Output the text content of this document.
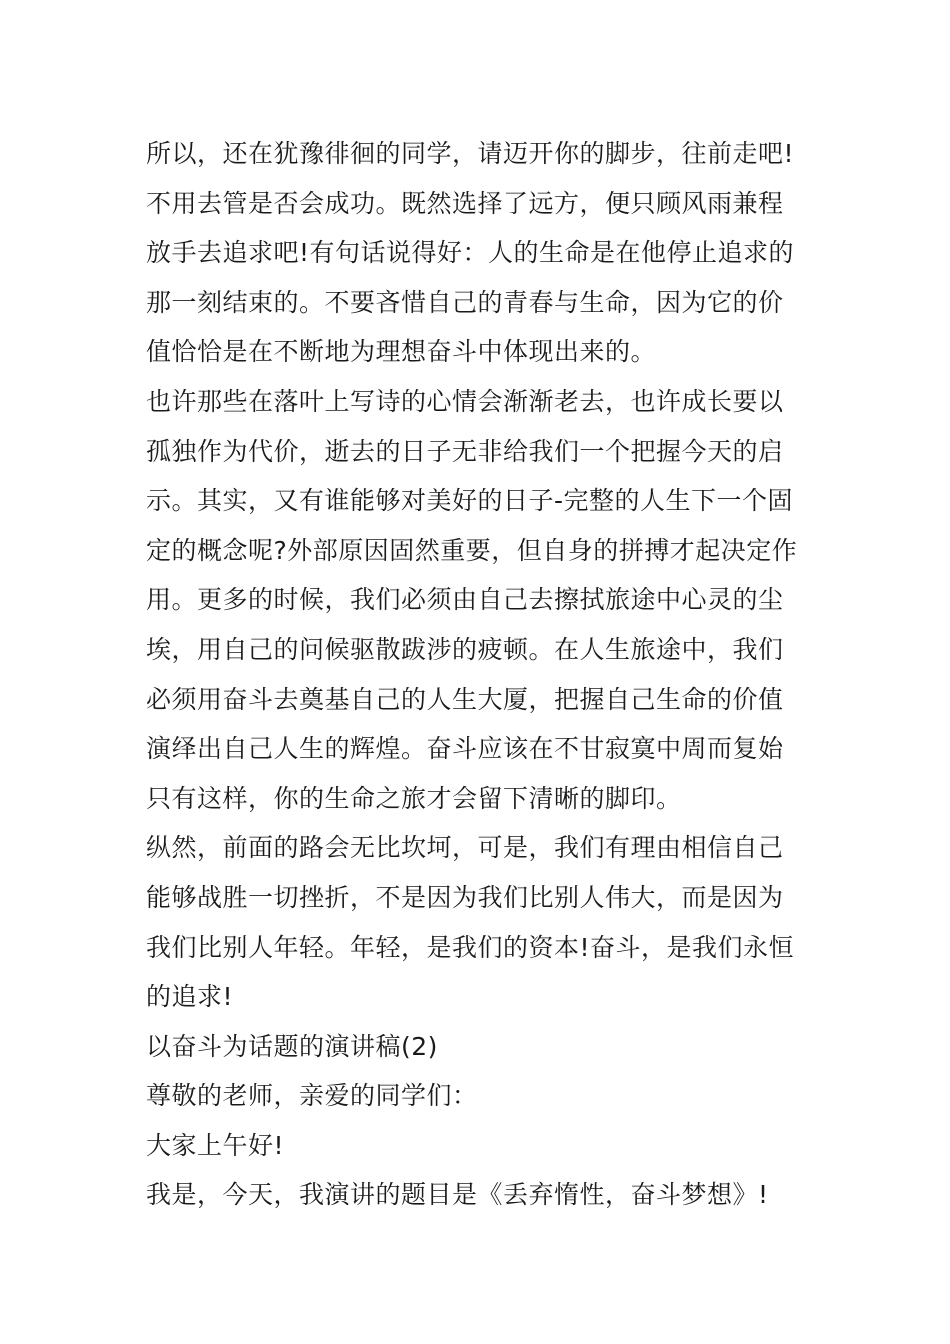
所以，还在犹豫徘徊的同学，请迈开你的脚步，往前走吧!
不用去管是否会成功。既然选择了远方，便只顾风雨兼程
放手去追求吧!有句话说得好：人的生命是在他停止追求的
那一刻结束的。不要吝惜自己的青春与生命，因为它的价
值恰恰是在不断地为理想奋斗中体现出来的。
也许那些在落叶上写诗的心情会渐渐老去，也许成长要以
孤独作为代价，逝去的日子无非给我们一个把握今天的启
示。其实，又有谁能够对美好的日子-完整的人生下一个固
定的概念呢?外部原因固然重要，但自身的拼搏才起决定作
用。更多的时候，我们必须由自己去擦拭旅途中心灵的尘
埃，用自己的问候驱散跋涉的疲顿。在人生旅途中，我们
必须用奋斗去奠基自己的人生大厦，把握自己生命的价值
演绎出自己人生的辉煌。奋斗应该在不甘寂寞中周而复始
只有这样，你的生命之旅才会留下清晰的脚印。
纵然，前面的路会无比坎坷，可是，我们有理由相信自己
能够战胜一切挫折，不是因为我们比别人伟大，而是因为
我们比别人年轻。年轻，是我们的资本!奋斗，是我们永恒
的追求!
以奋斗为话题的演讲稿(2)
尊敬的老师，亲爱的同学们：
大家上午好!
我是，今天，我演讲的题目是《丢弃惰性，奋斗梦想》!
